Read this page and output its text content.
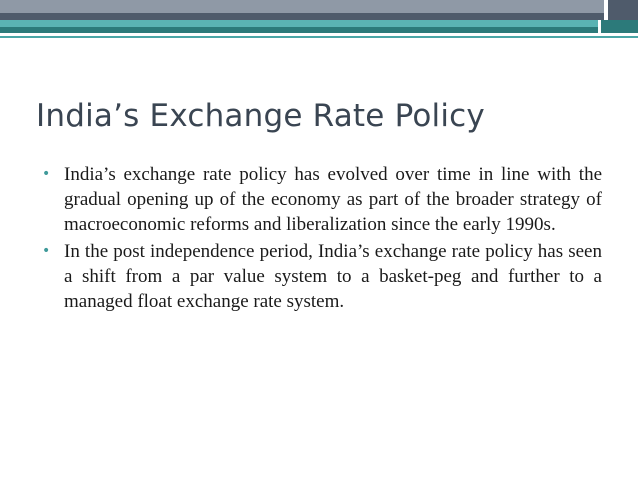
India’s Exchange Rate Policy
• India’s exchange rate policy has evolved over time in line with the gradual opening up of the economy as part of the broader strategy of macroeconomic reforms and liberalization since the early 1990s.
• In the post independence period, India’s exchange rate policy has seen a shift from a par value system to a basket-peg and further to a managed float exchange rate system.
